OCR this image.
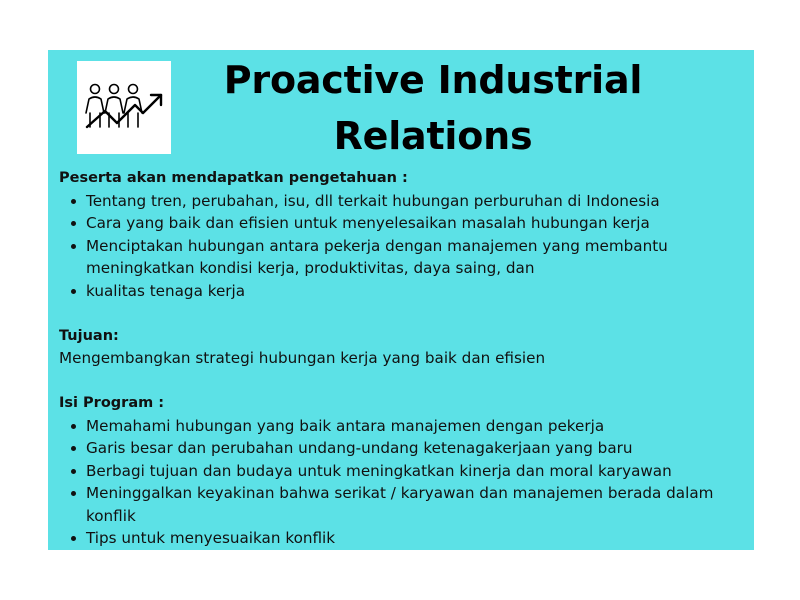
Proactive Industrial Relations
Peserta akan mendapatkan pengetahuan :
Tentang tren, perubahan, isu, dll terkait hubungan perburuhan di Indonesia
Cara yang baik dan efisien untuk menyelesaikan masalah hubungan kerja
Menciptakan hubungan antara pekerja dengan manajemen yang membantu meningkatkan kondisi kerja, produktivitas, daya saing, dan
kualitas tenaga kerja
Tujuan:

Mengembangkan strategi hubungan kerja yang baik dan efisien

Isi Program :
Memahami hubungan yang baik antara manajemen dengan pekerja
Garis besar dan perubahan undang-undang ketenagakerjaan yang baru
Berbagi tujuan dan budaya untuk meningkatkan kinerja dan moral karyawan
Meninggalkan keyakinan bahwa serikat / karyawan dan manajemen berada dalam konflik
Tips untuk menyesuaikan konflik
